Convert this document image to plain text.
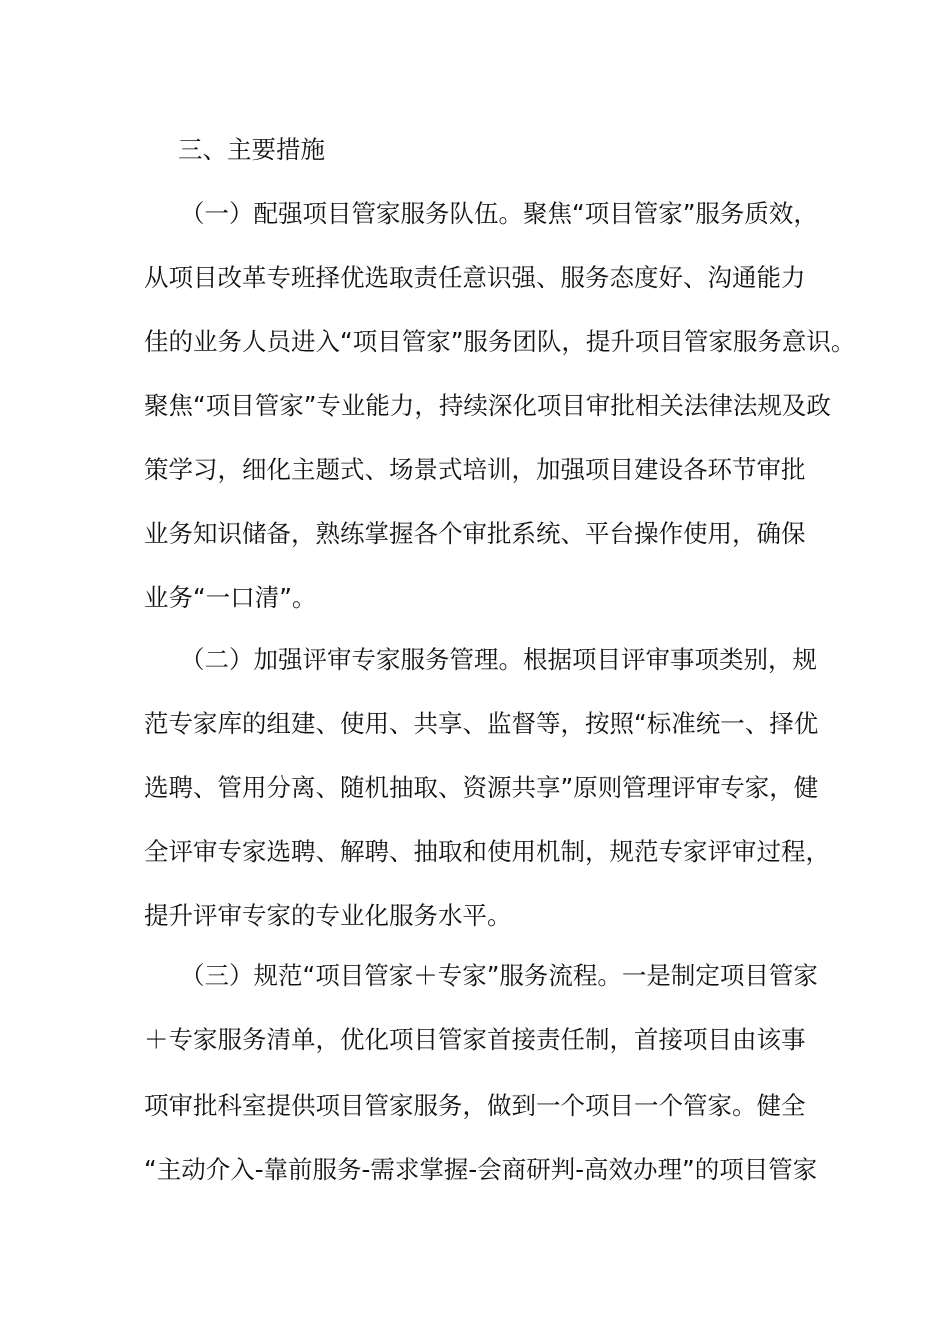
三、主要措施

（一）配强项目管家服务队伍。聚焦“项目管家”服务质效，

从项目改革专班择优选取责任意识强、服务态度好、沟通能力

佳的业务人员进入“项目管家”服务团队，提升项目管家服务意识。

聚焦“项目管家”专业能力，持续深化项目审批相关法律法规及政

策学习，细化主题式、场景式培训，加强项目建设各环节审批

业务知识储备，熟练掌握各个审批系统、平台操作使用，确保

业务“一口清”。

（二）加强评审专家服务管理。根据项目评审事项类别，规

范专家库的组建、使用、共享、监督等，按照“标准统一、择优

选聘、管用分离、随机抽取、资源共享”原则管理评审专家，健

全评审专家选聘、解聘、抽取和使用机制，规范专家评审过程，

提升评审专家的专业化服务水平。

（三）规范“项目管家＋专家”服务流程。一是制定项目管家

＋专家服务清单，优化项目管家首接责任制，首接项目由该事

项审批科室提供项目管家服务，做到一个项目一个管家。健全

“主动介入-靠前服务-需求掌握-会商研判-高效办理”的项目管家
